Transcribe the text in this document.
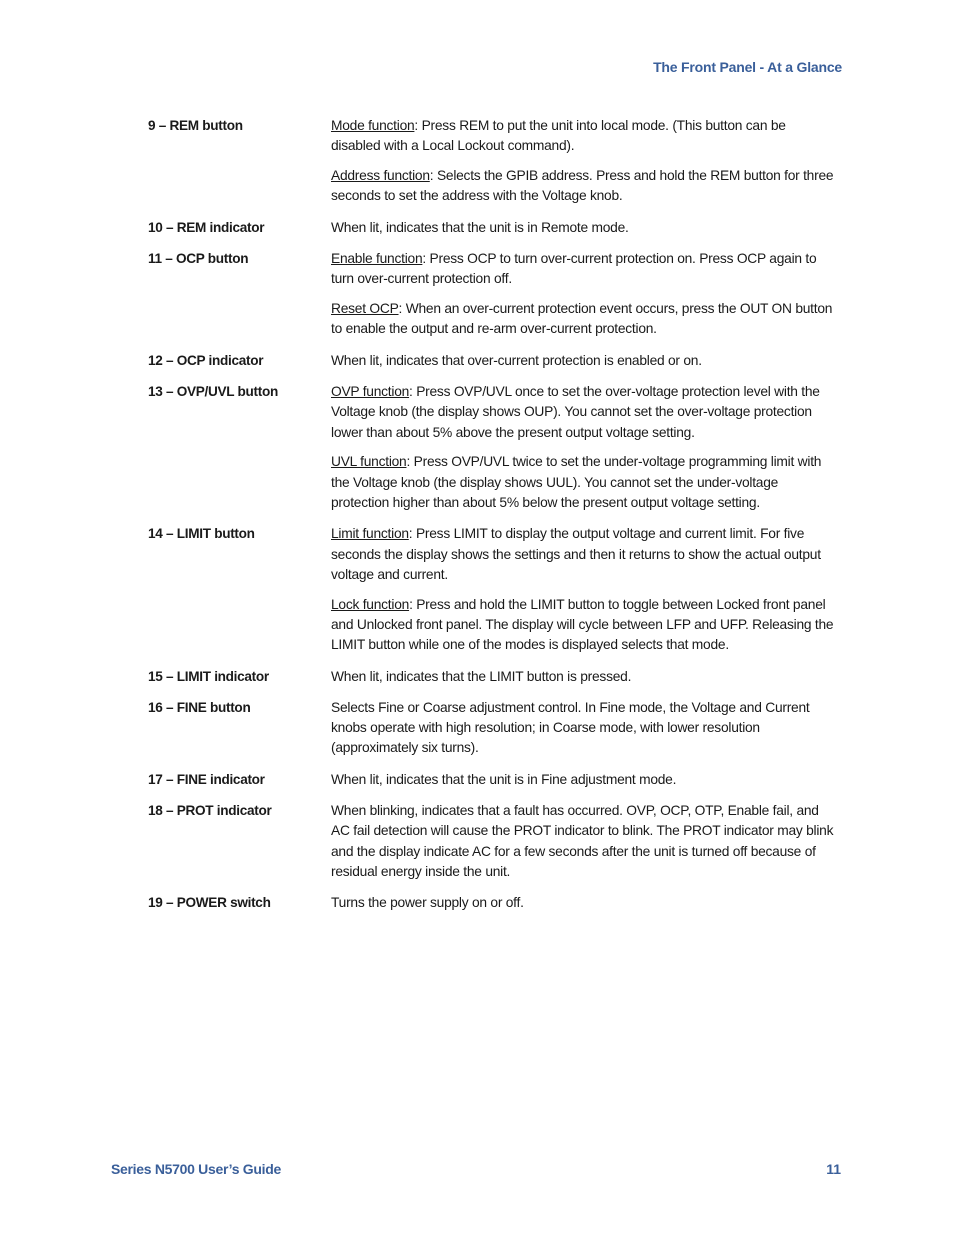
The Front Panel - At a Glance
9 – REM button	Mode function: Press REM to put the unit into local mode. (This button can be disabled with a Local Lockout command).

Address function: Selects the GPIB address. Press and hold the REM button for three seconds to set the address with the Voltage knob.

10 – REM indicator	When lit, indicates that the unit is in Remote mode.

11 – OCP button	Enable function: Press OCP to turn over-current protection on. Press OCP again to turn over-current protection off.

Reset OCP: When an over-current protection event occurs, press the OUT ON button to enable the output and re-arm over-current protection.

12 – OCP indicator	When lit, indicates that over-current protection is enabled or on.

13 – OVP/UVL button	OVP function: Press OVP/UVL once to set the over-voltage protection level with the Voltage knob (the display shows OUP). You cannot set the over-voltage protection lower than about 5% above the present output voltage setting.

UVL function: Press OVP/UVL twice to set the under-voltage programming limit with the Voltage knob (the display shows UUL). You cannot set the under-voltage protection higher than about 5% below the present output voltage setting.

14 – LIMIT button	Limit function: Press LIMIT to display the output voltage and current limit. For five seconds the display shows the settings and then it returns to show the actual output voltage and current.

Lock function: Press and hold the LIMIT button to toggle between Locked front panel and Unlocked front panel. The display will cycle between LFP and UFP. Releasing the LIMIT button while one of the modes is displayed selects that mode.

15 – LIMIT indicator	When lit, indicates that the LIMIT button is pressed.

16 – FINE button	Selects Fine or Coarse adjustment control. In Fine mode, the Voltage and Current knobs operate with high resolution; in Coarse mode, with lower resolution (approximately six turns).

17 – FINE indicator	When lit, indicates that the unit is in Fine adjustment mode.

18 – PROT indicator	When blinking, indicates that a fault has occurred. OVP, OCP, OTP, Enable fail, and AC fail detection will cause the PROT indicator to blink. The PROT indicator may blink and the display indicate AC for a few seconds after the unit is turned off because of residual energy inside the unit.

19 – POWER switch	Turns the power supply on or off.

Series N5700 User’s Guide	11
